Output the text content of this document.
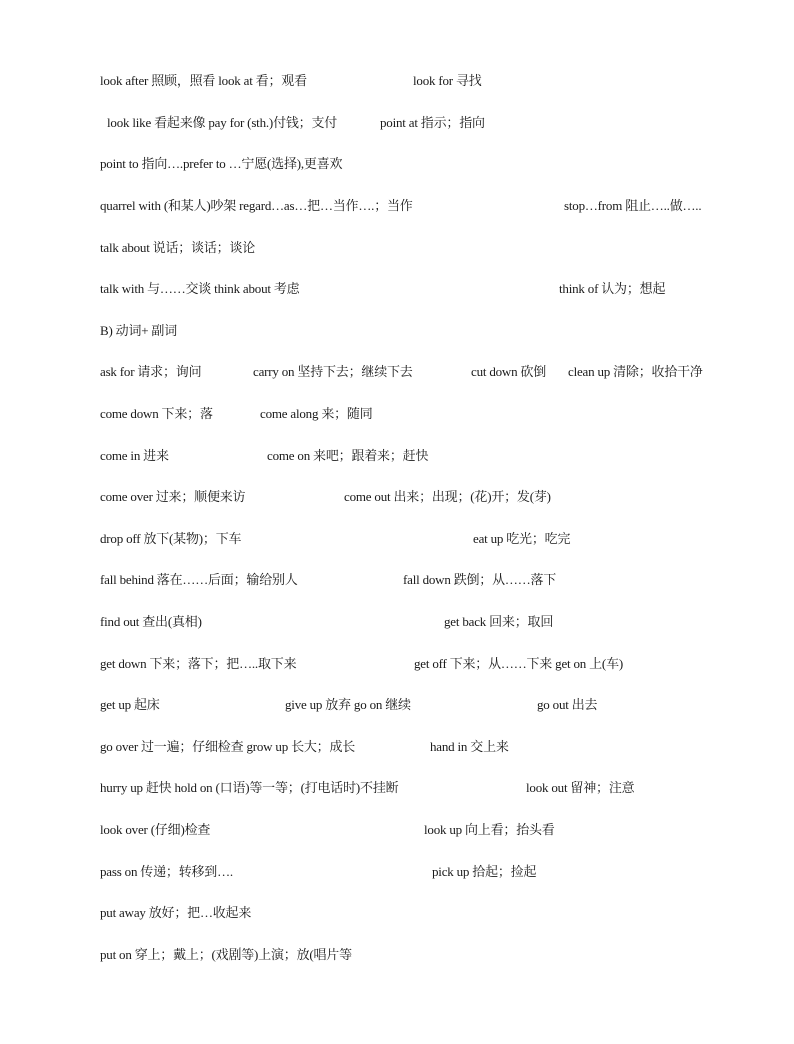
look after 照顾，照看 look at 看；观看	look for 寻找
look like 看起来像 pay for (sth.)付钱；支付	point at 指示；指向
point to 指向….prefer to …宁愿(选择),更喜欢
quarrel with (和某人)吵架 regard…as…把…当作….；当作	stop…from 阻止…..做…..
talk about 说话；谈话；谈论
talk with 与……交谈 think about 考虑	think of 认为；想起
B) 动词+ 副词
ask for 请求；询问	carry on 坚持下去；继续下去	cut down 砍倒 clean up 清除；收拾干净
come down 下来；落	come along 来；随同
come in 进来	come on 来吧；跟着来；赶快
come over 过来；顺便来访	come out 出来；出现；(花)开；发(芽)
drop off 放下(某物)；下车	eat up 吃光；吃完
fall behind 落在……后面；输给别人	fall down 跌倒；从……落下
find out 查出(真相)	get back 回来；取回
get down 下来；落下；把…..取下来	get off 下来；从……下来 get on 上(车)
get up 起床	give up 放弃 go on 继续	go out 出去
go over 过一遍；仔细检查 grow up 长大；成长	hand in 交上来
hurry up 赶快 hold on (口语)等一等；(打电话时)不挂断	look out 留神；注意
look over (仔细)检查	look up 向上看；抬头看
pass on 传递；转移到….	pick up 拾起；捡起
put away 放好；把…收起来
put on 穿上；戴上；(戏剧等)上演；放(唱片等
